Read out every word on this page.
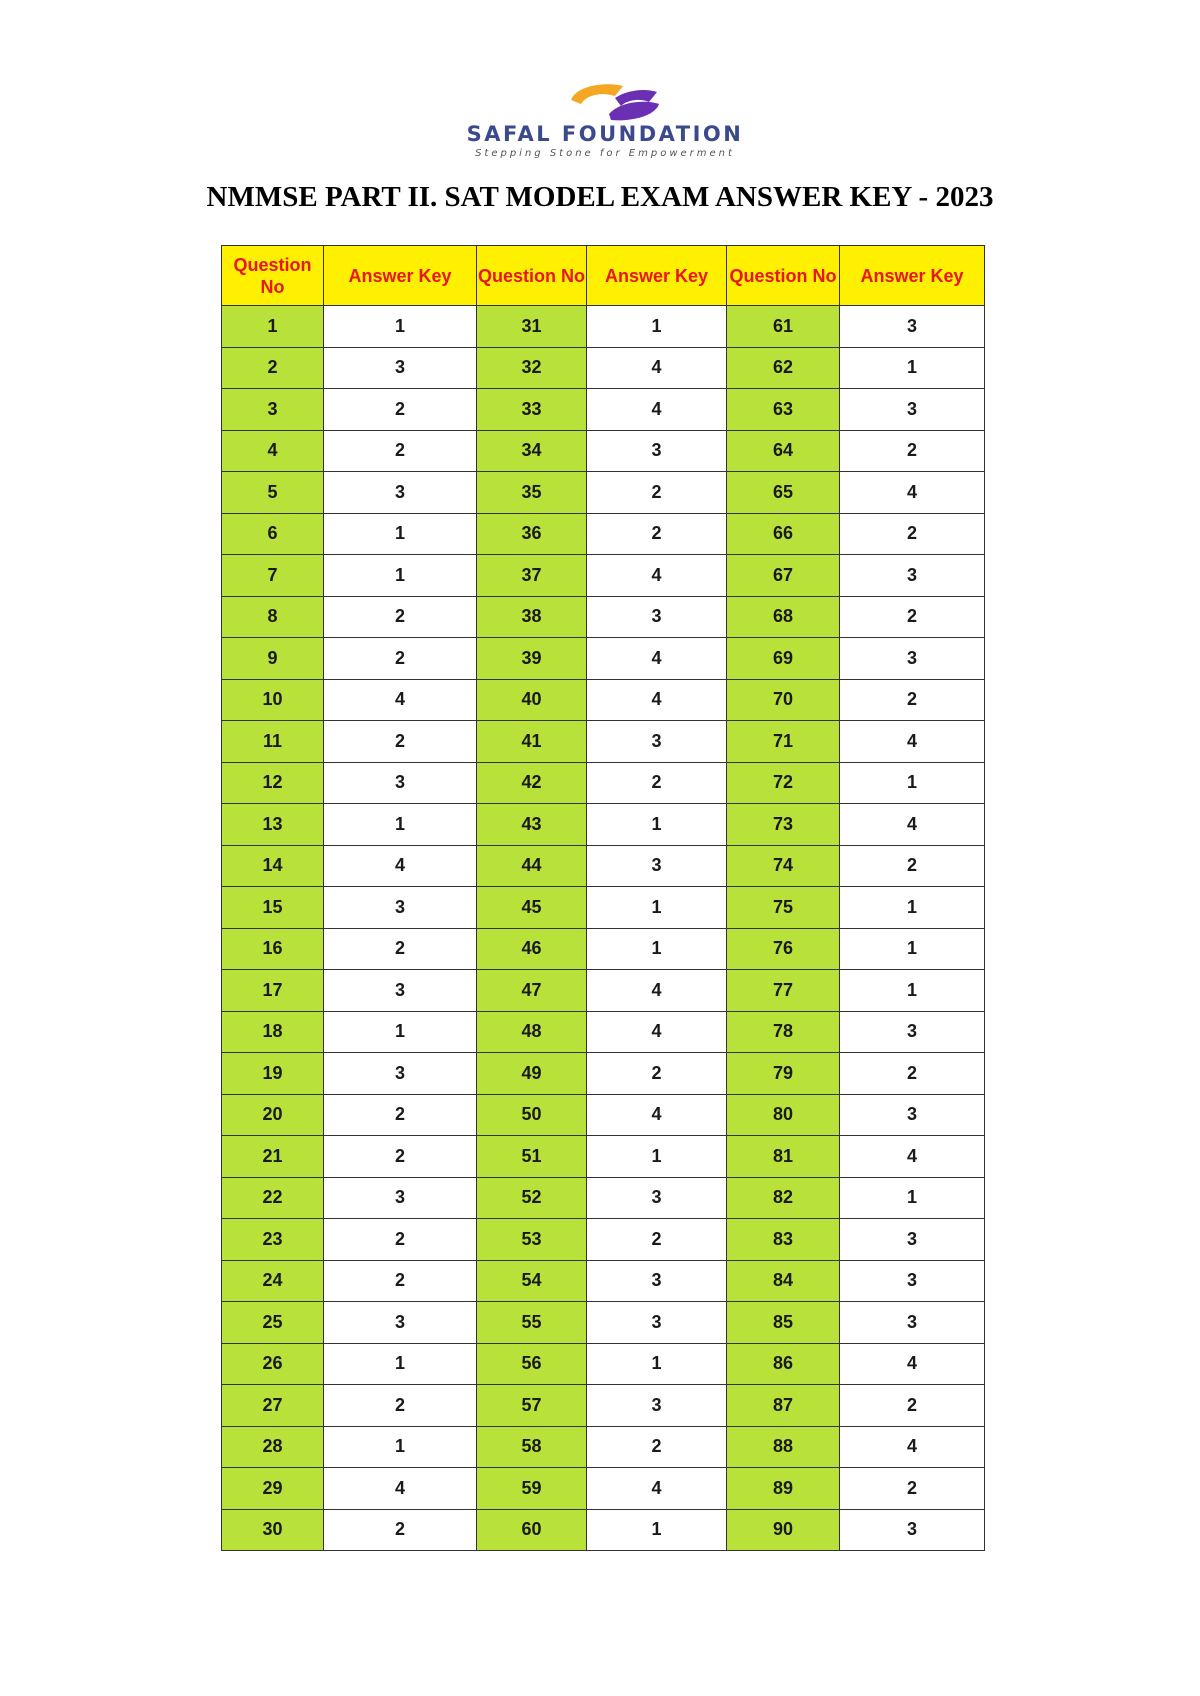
SAFAL FOUNDATION
Stepping Stone for Empowerment
NMMSE PART II. SAT MODEL EXAM ANSWER KEY - 2023
Question No	Answer Key	Question No	Answer Key	Question No	Answer Key
1	1	31	1	61	3
2	3	32	4	62	1
3	2	33	4	63	3
4	2	34	3	64	2
5	3	35	2	65	4
6	1	36	2	66	2
7	1	37	4	67	3
8	2	38	3	68	2
9	2	39	4	69	3
10	4	40	4	70	2
11	2	41	3	71	4
12	3	42	2	72	1
13	1	43	1	73	4
14	4	44	3	74	2
15	3	45	1	75	1
16	2	46	1	76	1
17	3	47	4	77	1
18	1	48	4	78	3
19	3	49	2	79	2
20	2	50	4	80	3
21	2	51	1	81	4
22	3	52	3	82	1
23	2	53	2	83	3
24	2	54	3	84	3
25	3	55	3	85	3
26	1	56	1	86	4
27	2	57	3	87	2
28	1	58	2	88	4
29	4	59	4	89	2
30	2	60	1	90	3
